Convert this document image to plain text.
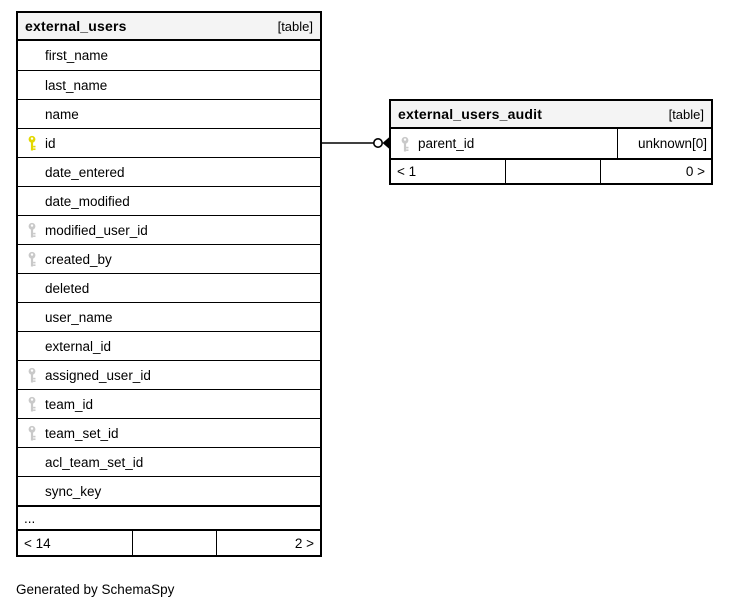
external_users	[table]
first_name
last_name
name
id
date_entered
date_modified
modified_user_id
created_by
deleted
user_name
external_id
assigned_user_id
team_id
team_set_id
acl_team_set_id
sync_key
...
< 14	2 >
external_users_audit	[table]
parent_id	unknown[0]
< 1	0 >
Generated by SchemaSpy
